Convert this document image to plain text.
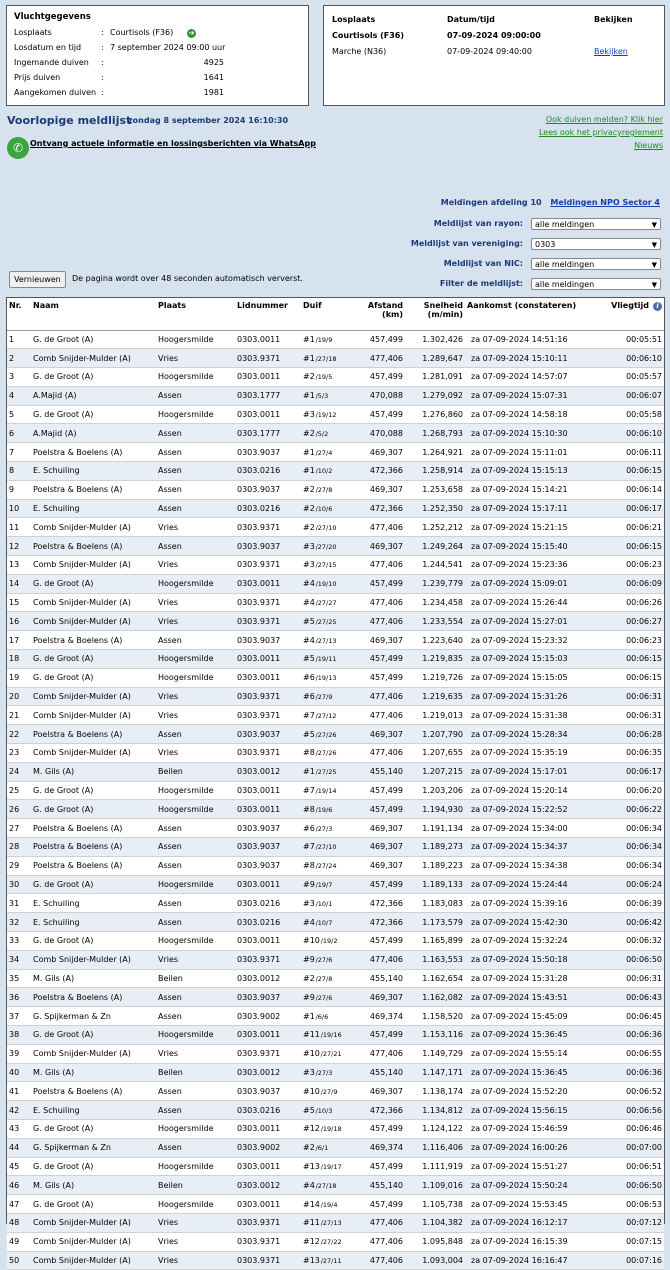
Vluchtgegevens
Losplaats	: Courtisols (F36) ➜
Losdatum en tijd : 7 september 2024 09:00 uur
Ingemande duiven :	4925
Prijs duiven	:	1641
Aangekomen duiven :	1981
Losplaats	Datum/tijd	Bekijken
Courtisols (F36)	07-09-2024 09:00:00
Marche (N36)	07-09-2024 09:40:00	Bekijken
Voorlopige meldlijst
zondag 8 september 2024 16:10:30
✆ Ontvang actuele informatie en lossingsberichten via WhatsApp
Ook duiven melden? Klik hier
Lees ook het privacyreglement
Nieuws
Meldingen afdeling 10 Meldingen NPO Sector 4
Meldlijst van rayon:	alle meldingen	▼
Meldlijst van vereniging:	0303	▼
Meldlijst van NIC:	alle meldingen	▼
Filter de meldlijst:	alle meldingen	▼
Vernieuwen	De pagina wordt over 48 seconden automatisch ververst.
Nr.	Naam	Plaats	Lidnummer	Duif	Afstand
(km)	Snelheid
(m/min)	Aankomst (constateren)	Vliegtijd i
1	G. de Groot (A)	Hoogersmilde	0303.0011	#1 /19/9	457,499	1.302,426	za 07-09-2024 14:51:16	00:05:51
2	Comb Snijder-Mulder (A)	Vries	0303.9371	#1 /27/18	477,406	1.289,647	za 07-09-2024 15:10:11	00:06:10
3	G. de Groot (A)	Hoogersmilde	0303.0011	#2 /19/5	457,499	1.281,091	za 07-09-2024 14:57:07	00:05:57
4	A.Majid (A)	Assen	0303.1777	#1 /5/3	470,088	1.279,092	za 07-09-2024 15:07:31	00:06:07
5	G. de Groot (A)	Hoogersmilde	0303.0011	#3 /19/12	457,499	1.276,860	za 07-09-2024 14:58:18	00:05:58
6	A.Majid (A)	Assen	0303.1777	#2 /5/2	470,088	1.268,793	za 07-09-2024 15:10:30	00:06:10
7	Poelstra & Boelens (A)	Assen	0303.9037	#1 /27/4	469,307	1.264,921	za 07-09-2024 15:11:01	00:06:11
8	E. Schuiling	Assen	0303.0216	#1 /10/2	472,366	1.258,914	za 07-09-2024 15:15:13	00:06:15
9	Poelstra & Boelens (A)	Assen	0303.9037	#2 /27/8	469,307	1.253,658	za 07-09-2024 15:14:21	00:06:14
10	E. Schuiling	Assen	0303.0216	#2 /10/6	472,366	1.252,350	za 07-09-2024 15:17:11	00:06:17
11	Comb Snijder-Mulder (A)	Vries	0303.9371	#2 /27/10	477,406	1.252,212	za 07-09-2024 15:21:15	00:06:21
12	Poelstra & Boelens (A)	Assen	0303.9037	#3 /27/20	469,307	1.249,264	za 07-09-2024 15:15:40	00:06:15
13	Comb Snijder-Mulder (A)	Vries	0303.9371	#3 /27/15	477,406	1.244,541	za 07-09-2024 15:23:36	00:06:23
14	G. de Groot (A)	Hoogersmilde	0303.0011	#4 /19/10	457,499	1.239,779	za 07-09-2024 15:09:01	00:06:09
15	Comb Snijder-Mulder (A)	Vries	0303.9371	#4 /27/27	477,406	1.234,458	za 07-09-2024 15:26:44	00:06:26
16	Comb Snijder-Mulder (A)	Vries	0303.9371	#5 /27/25	477,406	1.233,554	za 07-09-2024 15:27:01	00:06:27
17	Poelstra & Boelens (A)	Assen	0303.9037	#4 /27/13	469,307	1.223,640	za 07-09-2024 15:23:32	00:06:23
18	G. de Groot (A)	Hoogersmilde	0303.0011	#5 /19/11	457,499	1.219,835	za 07-09-2024 15:15:03	00:06:15
19	G. de Groot (A)	Hoogersmilde	0303.0011	#6 /19/13	457,499	1.219,726	za 07-09-2024 15:15:05	00:06:15
20	Comb Snijder-Mulder (A)	Vries	0303.9371	#6 /27/9	477,406	1.219,635	za 07-09-2024 15:31:26	00:06:31
21	Comb Snijder-Mulder (A)	Vries	0303.9371	#7 /27/12	477,406	1.219,013	za 07-09-2024 15:31:38	00:06:31
22	Poelstra & Boelens (A)	Assen	0303.9037	#5 /27/26	469,307	1.207,790	za 07-09-2024 15:28:34	00:06:28
23	Comb Snijder-Mulder (A)	Vries	0303.9371	#8 /27/26	477,406	1.207,655	za 07-09-2024 15:35:19	00:06:35
24	M. Gils (A)	Beilen	0303.0012	#1 /27/25	455,140	1.207,215	za 07-09-2024 15:17:01	00:06:17
25	G. de Groot (A)	Hoogersmilde	0303.0011	#7 /19/14	457,499	1.203,206	za 07-09-2024 15:20:14	00:06:20
26	G. de Groot (A)	Hoogersmilde	0303.0011	#8 /19/6	457,499	1.194,930	za 07-09-2024 15:22:52	00:06:22
27	Poelstra & Boelens (A)	Assen	0303.9037	#6 /27/3	469,307	1.191,134	za 07-09-2024 15:34:00	00:06:34
28	Poelstra & Boelens (A)	Assen	0303.9037	#7 /27/10	469,307	1.189,273	za 07-09-2024 15:34:37	00:06:34
29	Poelstra & Boelens (A)	Assen	0303.9037	#8 /27/24	469,307	1.189,223	za 07-09-2024 15:34:38	00:06:34
30	G. de Groot (A)	Hoogersmilde	0303.0011	#9 /19/7	457,499	1.189,133	za 07-09-2024 15:24:44	00:06:24
31	E. Schuiling	Assen	0303.0216	#3 /10/1	472,366	1.183,083	za 07-09-2024 15:39:16	00:06:39
32	E. Schuiling	Assen	0303.0216	#4 /10/7	472,366	1.173,579	za 07-09-2024 15:42:30	00:06:42
33	G. de Groot (A)	Hoogersmilde	0303.0011	#10 /19/2	457,499	1.165,899	za 07-09-2024 15:32:24	00:06:32
34	Comb Snijder-Mulder (A)	Vries	0303.9371	#9 /27/6	477,406	1.163,553	za 07-09-2024 15:50:18	00:06:50
35	M. Gils (A)	Beilen	0303.0012	#2 /27/8	455,140	1.162,654	za 07-09-2024 15:31:28	00:06:31
36	Poelstra & Boelens (A)	Assen	0303.9037	#9 /27/6	469,307	1.162,082	za 07-09-2024 15:43:51	00:06:43
37	G. Spijkerman & Zn	Assen	0303.9002	#1 /6/6	469,374	1.158,520	za 07-09-2024 15:45:09	00:06:45
38	G. de Groot (A)	Hoogersmilde	0303.0011	#11 /19/16	457,499	1.153,116	za 07-09-2024 15:36:45	00:06:36
39	Comb Snijder-Mulder (A)	Vries	0303.9371	#10 /27/21	477,406	1.149,729	za 07-09-2024 15:55:14	00:06:55
40	M. Gils (A)	Beilen	0303.0012	#3 /27/3	455,140	1.147,171	za 07-09-2024 15:36:45	00:06:36
41	Poelstra & Boelens (A)	Assen	0303.9037	#10 /27/9	469,307	1.138,174	za 07-09-2024 15:52:20	00:06:52
42	E. Schuiling	Assen	0303.0216	#5 /10/3	472,366	1.134,812	za 07-09-2024 15:56:15	00:06:56
43	G. de Groot (A)	Hoogersmilde	0303.0011	#12 /19/18	457,499	1.124,122	za 07-09-2024 15:46:59	00:06:46
44	G. Spijkerman & Zn	Assen	0303.9002	#2 /6/1	469,374	1.116,406	za 07-09-2024 16:00:26	00:07:00
45	G. de Groot (A)	Hoogersmilde	0303.0011	#13 /19/17	457,499	1.111,919	za 07-09-2024 15:51:27	00:06:51
46	M. Gils (A)	Beilen	0303.0012	#4 /27/18	455,140	1.109,016	za 07-09-2024 15:50:24	00:06:50
47	G. de Groot (A)	Hoogersmilde	0303.0011	#14 /19/4	457,499	1.105,738	za 07-09-2024 15:53:45	00:06:53
48	Comb Snijder-Mulder (A)	Vries	0303.9371	#11 /27/13	477,406	1.104,382	za 07-09-2024 16:12:17	00:07:12
49	Comb Snijder-Mulder (A)	Vries	0303.9371	#12 /27/22	477,406	1.095,848	za 07-09-2024 16:15:39	00:07:15
50	Comb Snijder-Mulder (A)	Vries	0303.9371	#13 /27/11	477,406	1.093,004	za 07-09-2024 16:16:47	00:07:16
